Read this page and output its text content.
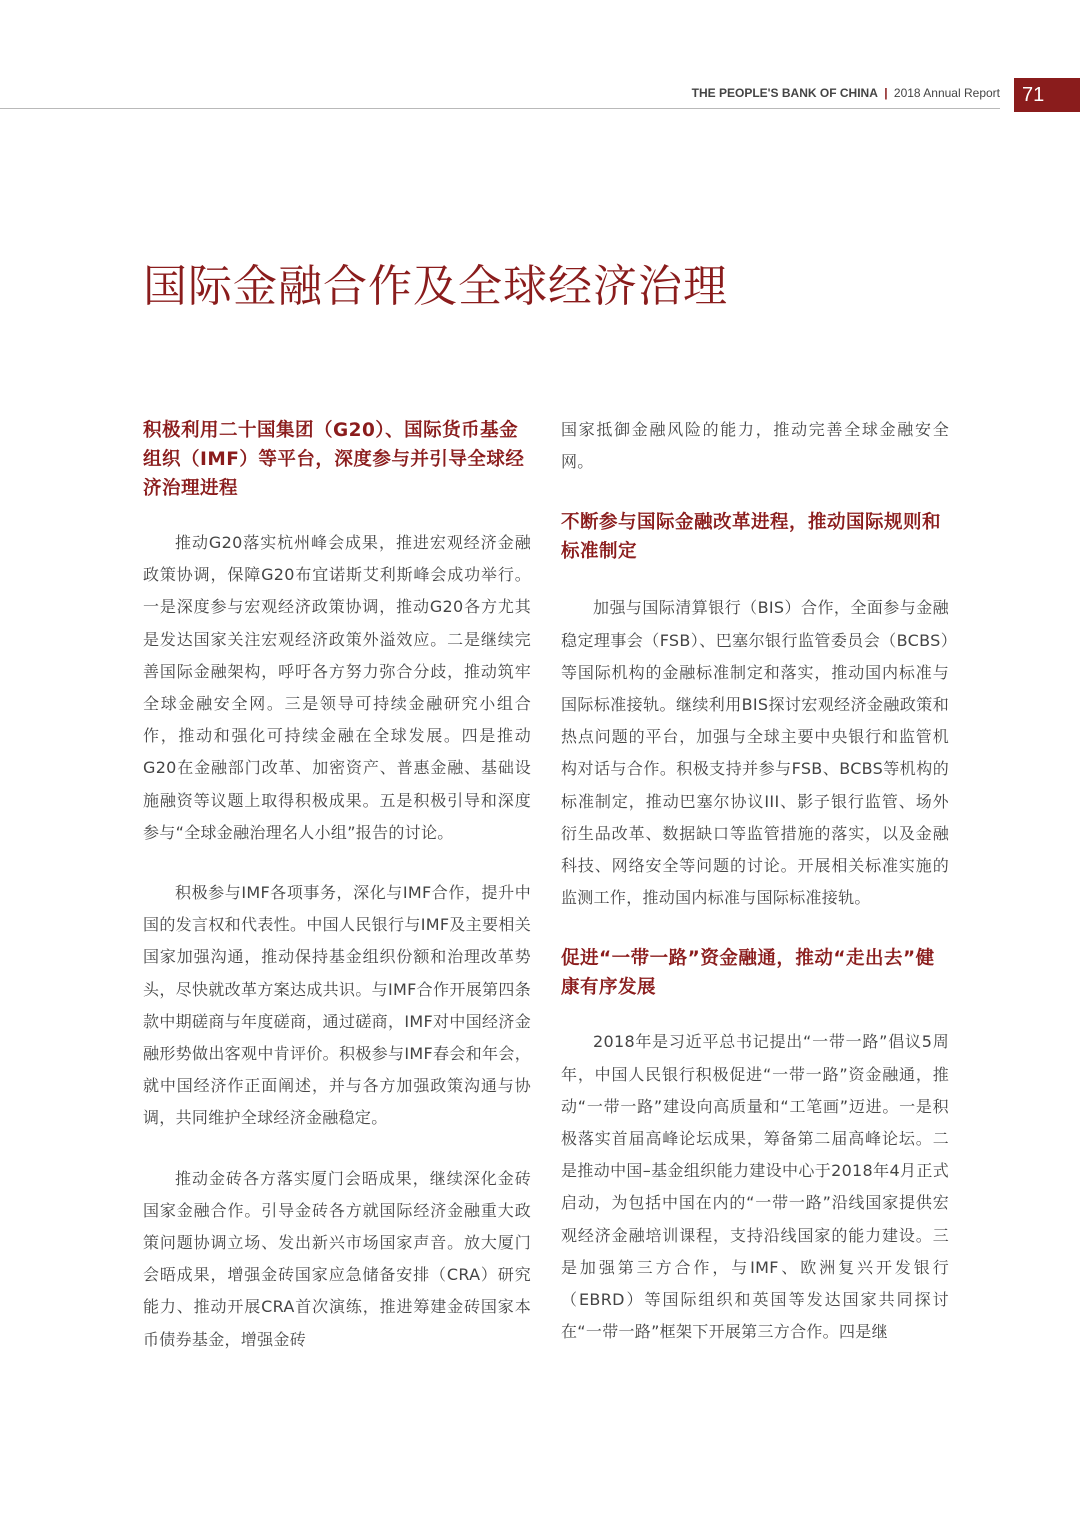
71
THE PEOPLE'S BANK OF CHINA | 2018 Annual Report
国际金融合作及全球经济治理
积极利用二十国集团（G20）、国际货币基金组织（IMF）等平台，深度参与并引导全球经济治理进程

推动G20落实杭州峰会成果，推进宏观经济金融政策协调，保障G20布宜诺斯艾利斯峰会成功举行。一是深度参与宏观经济政策协调，推动G20各方尤其是发达国家关注宏观经济政策外溢效应。二是继续完善国际金融架构，呼吁各方努力弥合分歧，推动筑牢全球金融安全网。三是领导可持续金融研究小组合作，推动和强化可持续金融在全球发展。四是推动G20在金融部门改革、加密资产、普惠金融、基础设施融资等议题上取得积极成果。五是积极引导和深度参与“全球金融治理名人小组”报告的讨论。

积极参与IMF各项事务，深化与IMF合作，提升中国的发言权和代表性。中国人民银行与IMF及主要相关国家加强沟通，推动保持基金组织份额和治理改革势头，尽快就改革方案达成共识。与IMF合作开展第四条款中期磋商与年度磋商，通过磋商，IMF对中国经济金融形势做出客观中肯评价。积极参与IMF春会和年会，就中国经济作正面阐述，并与各方加强政策沟通与协调，共同维护全球经济金融稳定。

推动金砖各方落实厦门会晤成果，继续深化金砖国家金融合作。引导金砖各方就国际经济金融重大政策问题协调立场、发出新兴市场国家声音。放大厦门会晤成果，增强金砖国家应急储备安排（CRA）研究能力、推动开展CRA首次演练，推进筹建金砖国家本币债券基金，增强金砖

国家抵御金融风险的能力，推动完善全球金融安全网。

不断参与国际金融改革进程，推动国际规则和标准制定

加强与国际清算银行（BIS）合作，全面参与金融稳定理事会（FSB）、巴塞尔银行监管委员会（BCBS）等国际机构的金融标准制定和落实，推动国内标准与国际标准接轨。继续利用BIS探讨宏观经济金融政策和热点问题的平台，加强与全球主要中央银行和监管机构对话与合作。积极支持并参与FSB、BCBS等机构的标准制定，推动巴塞尔协议III、影子银行监管、场外衍生品改革、数据缺口等监管措施的落实，以及金融科技、网络安全等问题的讨论。开展相关标准实施的监测工作，推动国内标准与国际标准接轨。

促进“一带一路”资金融通，推动“走出去”健康有序发展

2018年是习近平总书记提出“一带一路”倡议5周年，中国人民银行积极促进“一带一路”资金融通，推动“一带一路”建设向高质量和“工笔画”迈进。一是积极落实首届高峰论坛成果，筹备第二届高峰论坛。二是推动中国–基金组织能力建设中心于2018年4月正式启动，为包括中国在内的“一带一路”沿线国家提供宏观经济金融培训课程，支持沿线国家的能力建设。三是加强第三方合作，与IMF、欧洲复兴开发银行（EBRD）等国际组织和英国等发达国家共同探讨在“一带一路”框架下开展第三方合作。四是继
